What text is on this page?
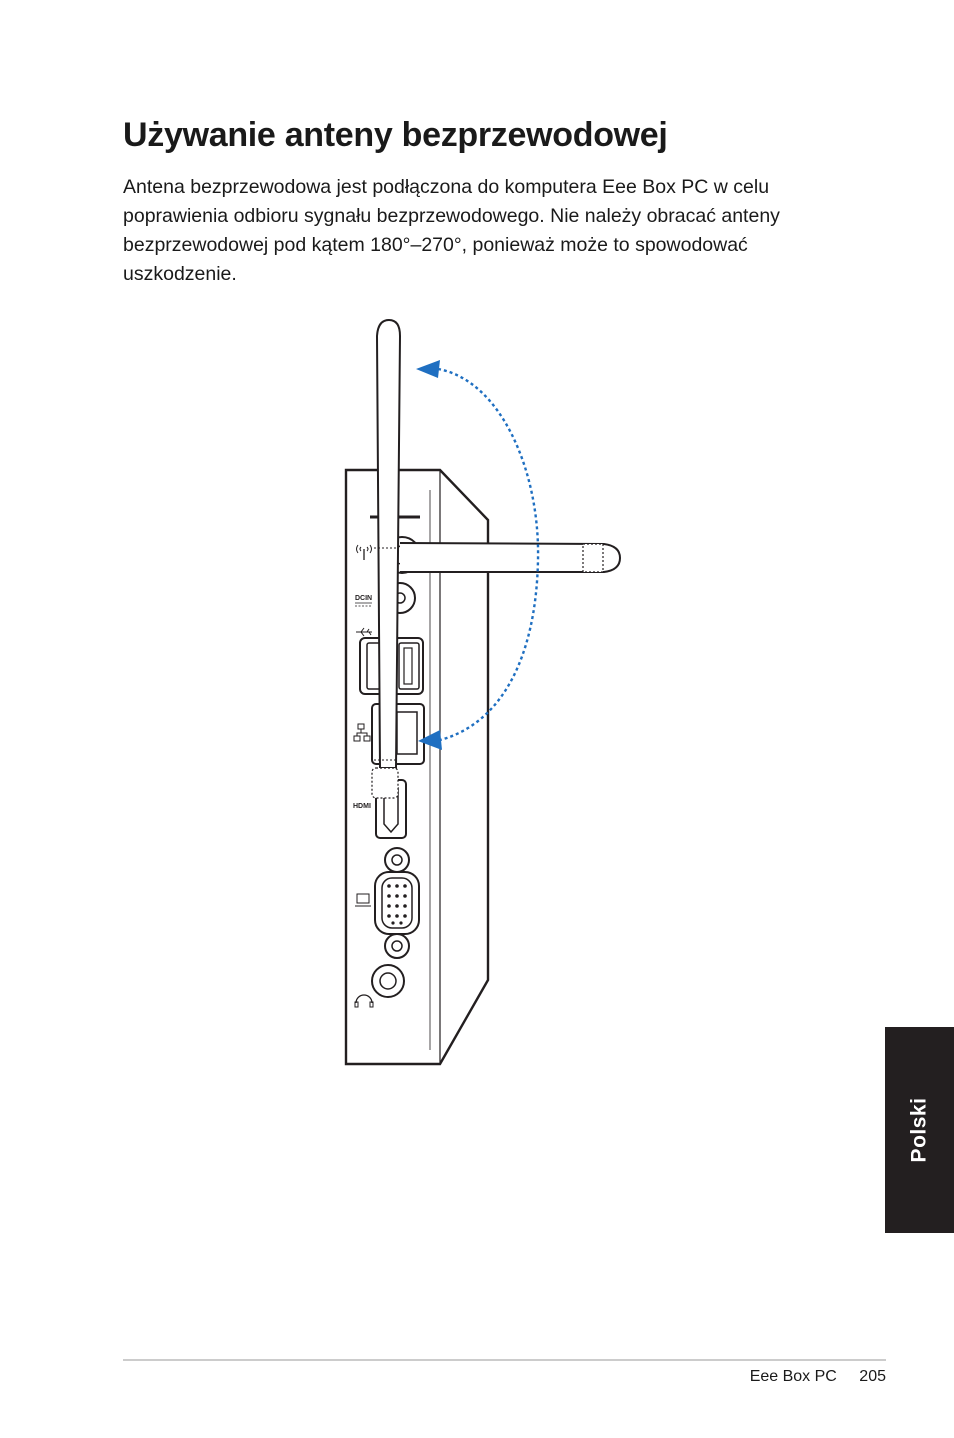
Używanie anteny bezprzewodowej

Antena bezprzewodowa jest podłączona do komputera Eee Box PC w celu poprawienia odbioru sygnału bezprzewodowego. Nie należy obracać anteny bezprzewodowej pod kątem 180°–270°, ponieważ może to spowodować uszkodzenie.

DCIN
HDMI
Polski
Eee Box PC 205
